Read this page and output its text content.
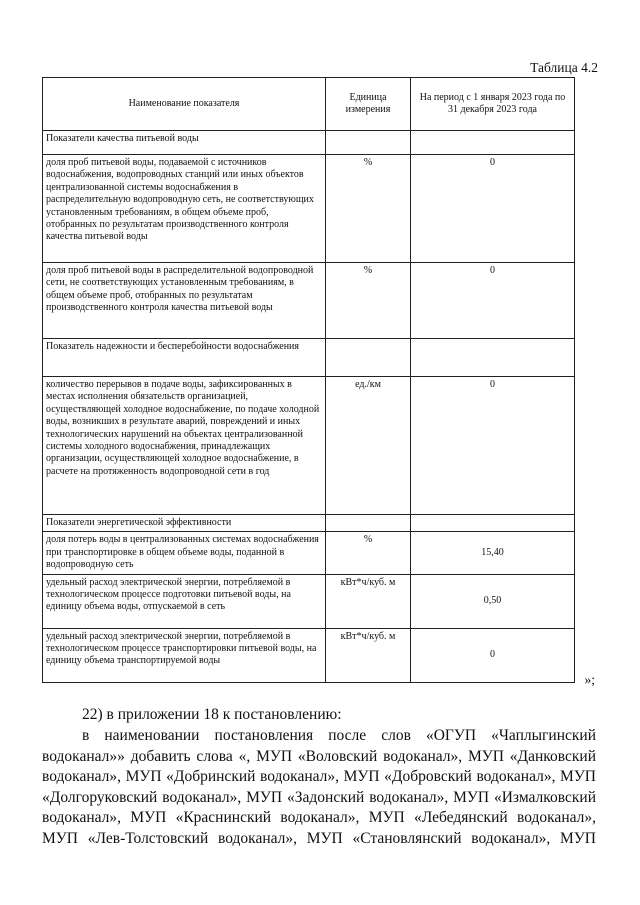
Таблица 4.2
Наименование показателя	Единица измерения	На период с 1 января 2023 года по 31 декабря 2023 года
Показатели качества питьевой воды		
доля проб питьевой воды, подаваемой с источников водоснабжения, водопроводных станций или иных объектов централизованной системы водоснабжения в распределительную водопроводную сеть, не соответствующих установленным требованиям, в общем объеме проб, отобранных по результатам производственного контроля качества питьевой воды	%	0
доля проб питьевой воды в распределительной водопроводной сети, не соответствующих установленным требованиям, в общем объеме проб, отобранных по результатам производственного контроля качества питьевой воды	%	0
Показатель надежности и бесперебойности водоснабжения		
количество перерывов в подаче воды, зафиксированных в местах исполнения обязательств организацией, осуществляющей холодное водоснабжение, по подаче холодной воды, возникших в результате аварий, повреждений и иных технологических нарушений на объектах централизованной системы холодного водоснабжения, принадлежащих организации, осуществляющей холодное водоснабжение, в расчете на протяженность водопроводной сети в год	ед./км	0
Показатели энергетической эффективности		
доля потерь воды в централизованных системах водоснабжения при транспортировке в общем объеме воды, поданной в водопроводную сеть	%	15,40
удельный расход электрической энергии, потребляемой в технологическом процессе подготовки питьевой воды, на единицу объема воды, отпускаемой в сеть	кВт*ч/куб. м	0,50
удельный расход электрической энергии, потребляемой в технологическом процессе транспортировки питьевой воды, на единицу объема транспортируемой воды	кВт*ч/куб. м	0
»;
22) в приложении 18 к постановлению:
в наименовании постановления после слов «ОГУП «Чаплыгинский водоканал»» добавить слова «, МУП «Воловский водоканал», МУП «Данковский водоканал», МУП «Добринский водоканал», МУП «Добровский водоканал», МУП «Долгоруковский водоканал», МУП «Задонский водоканал», МУП «Измалковский водоканал», МУП «Краснинский водоканал», МУП «Лебедянский водоканал», МУП «Лев-Толстовский водоканал», МУП «Становлянский водоканал», МУП
